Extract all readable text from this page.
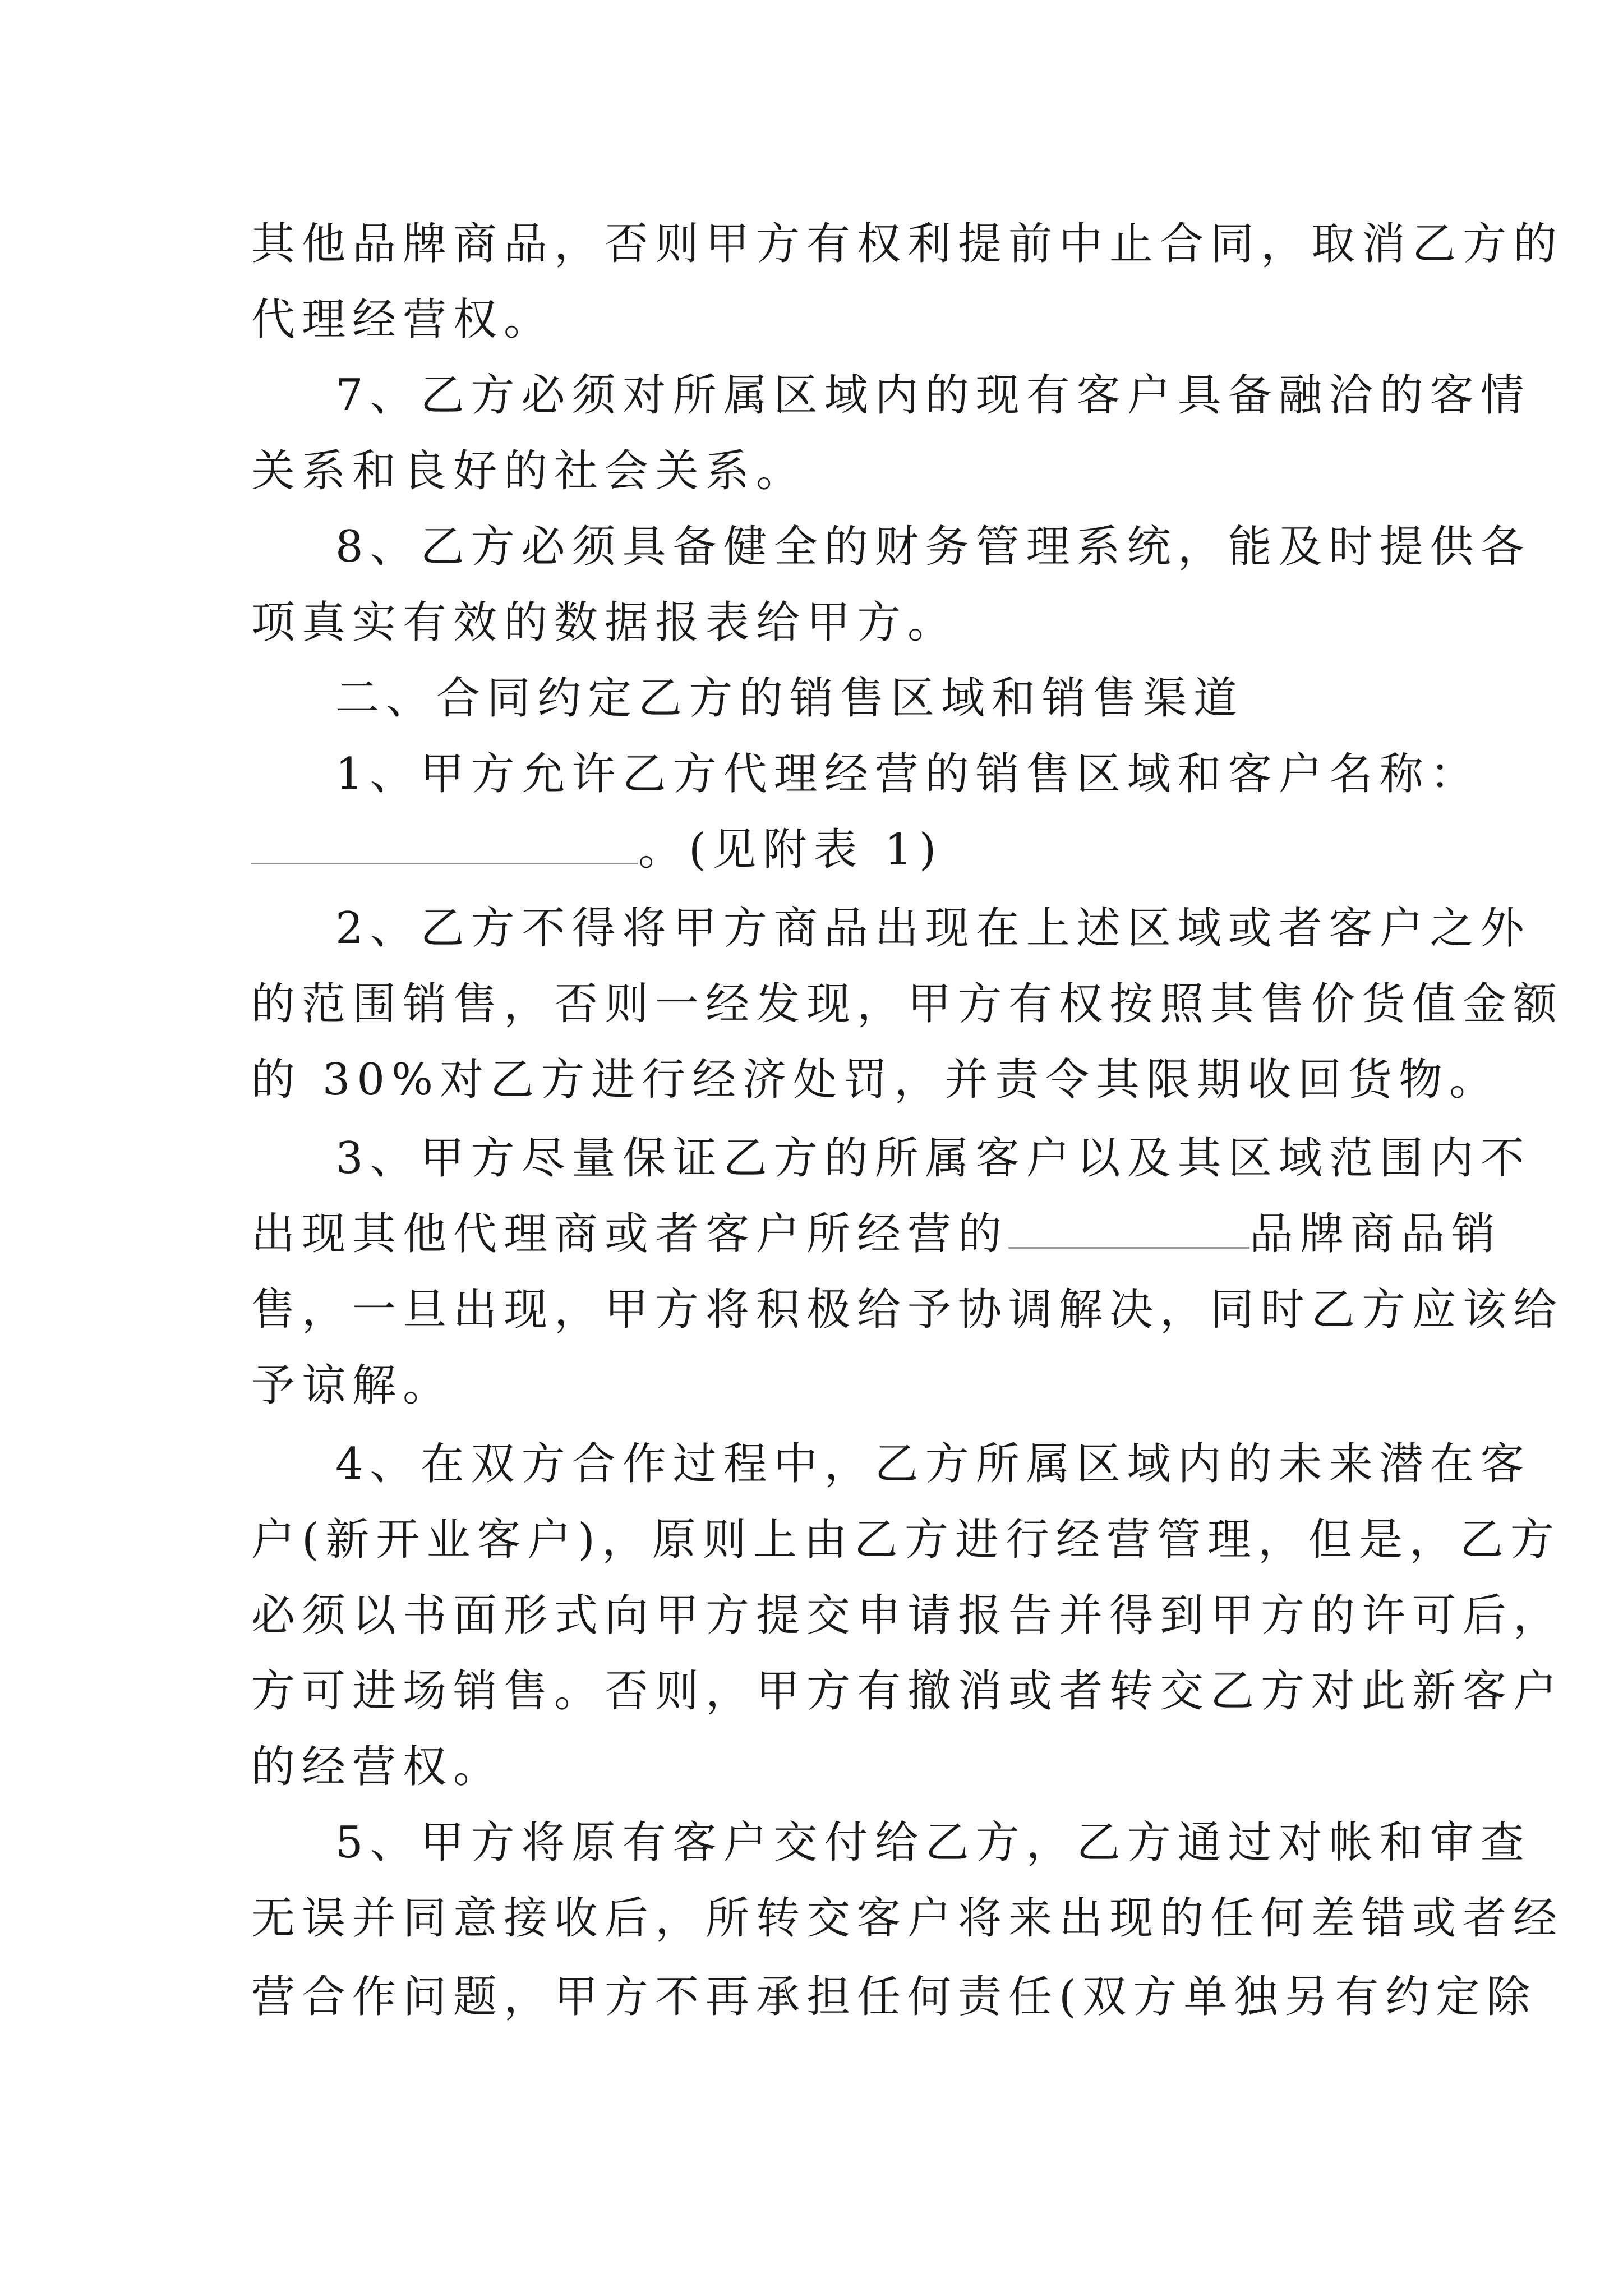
其他品牌商品，否则甲方有权利提前中止合同，取消乙方的
代理经营权。
7、乙方必须对所属区域内的现有客户具备融洽的客情
关系和良好的社会关系。
8、乙方必须具备健全的财务管理系统，能及时提供各
项真实有效的数据报表给甲方。
二、合同约定乙方的销售区域和销售渠道
1、甲方允许乙方代理经营的销售区域和客户名称：
。(见附表 1)
2、乙方不得将甲方商品出现在上述区域或者客户之外
的范围销售，否则一经发现，甲方有权按照其售价货值金额
的 30%对乙方进行经济处罚，并责令其限期收回货物。
3、甲方尽量保证乙方的所属客户以及其区域范围内不
出现其他代理商或者客户所经营的	品牌商品销
售，一旦出现，甲方将积极给予协调解决，同时乙方应该给
予谅解。
4、在双方合作过程中，乙方所属区域内的未来潜在客
户(新开业客户)，原则上由乙方进行经营管理，但是，乙方
必须以书面形式向甲方提交申请报告并得到甲方的许可后，
方可进场销售。否则，甲方有撤消或者转交乙方对此新客户
的经营权。
5、甲方将原有客户交付给乙方，乙方通过对帐和审查
无误并同意接收后，所转交客户将来出现的任何差错或者经
营合作问题，甲方不再承担任何责任(双方单独另有约定除
